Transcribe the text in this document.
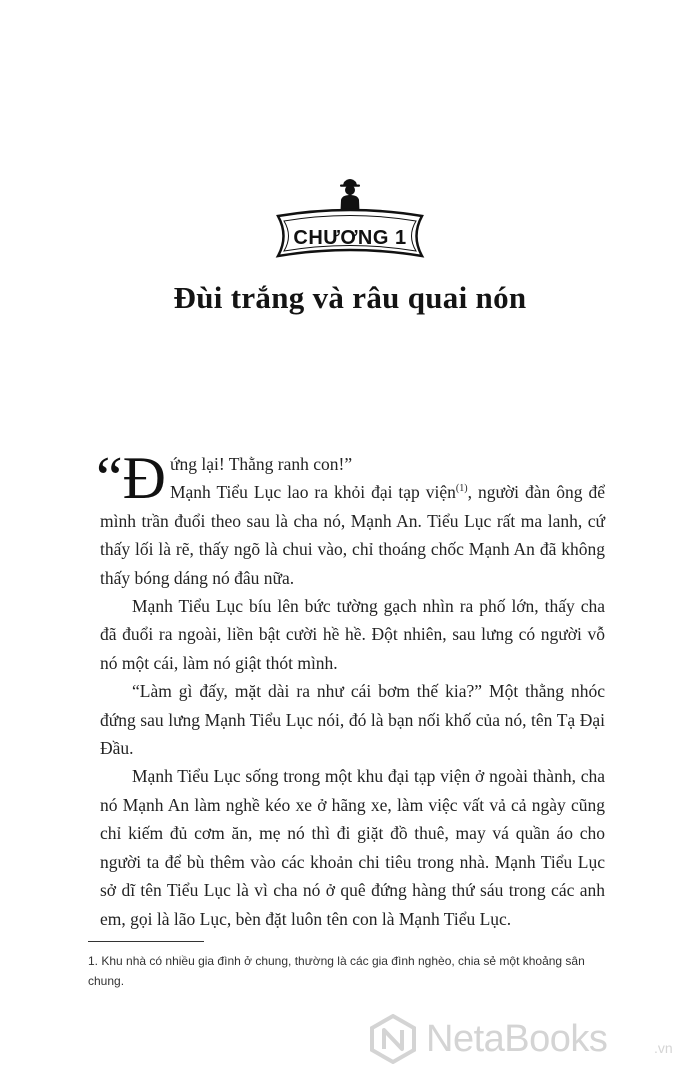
CHƯƠNG 1
Đùi trắng và râu quai nón

“Đ ứng lại! Thằng ranh con!”
Mạnh Tiểu Lục lao ra khỏi đại tạp viện$^{(1)}$, người đàn ông để mình trần đuổi theo sau là cha nó, Mạnh An. Tiểu Lục rất ma lanh, cứ thấy lối là rẽ, thấy ngõ là chui vào, chỉ thoáng chốc Mạnh An đã không thấy bóng dáng nó đâu nữa.

Mạnh Tiểu Lục bíu lên bức tường gạch nhìn ra phố lớn, thấy cha đã đuổi ra ngoài, liền bật cười hề hề. Đột nhiên, sau lưng có người vỗ nó một cái, làm nó giật thót mình.

“Làm gì đấy, mặt dài ra như cái bơm thế kia?” Một thằng nhóc đứng sau lưng Mạnh Tiểu Lục nói, đó là bạn nối khố của nó, tên Tạ Đại Đầu.

Mạnh Tiểu Lục sống trong một khu đại tạp viện ở ngoài thành, cha nó Mạnh An làm nghề kéo xe ở hãng xe, làm việc vất vả cả ngày cũng chỉ kiếm đủ cơm ăn, mẹ nó thì đi giặt đồ thuê, may vá quần áo cho người ta để bù thêm vào các khoản chi tiêu trong nhà. Mạnh Tiểu Lục sở dĩ tên Tiểu Lục là vì cha nó ở quê đứng hàng thứ sáu trong các anh em, gọi là lão Lục, bèn đặt luôn tên con là Mạnh Tiểu Lục.

1. Khu nhà có nhiều gia đình ở chung, thường là các gia đình nghèo, chia sẻ một khoảng sân chung.
NetaBooks	.vn
